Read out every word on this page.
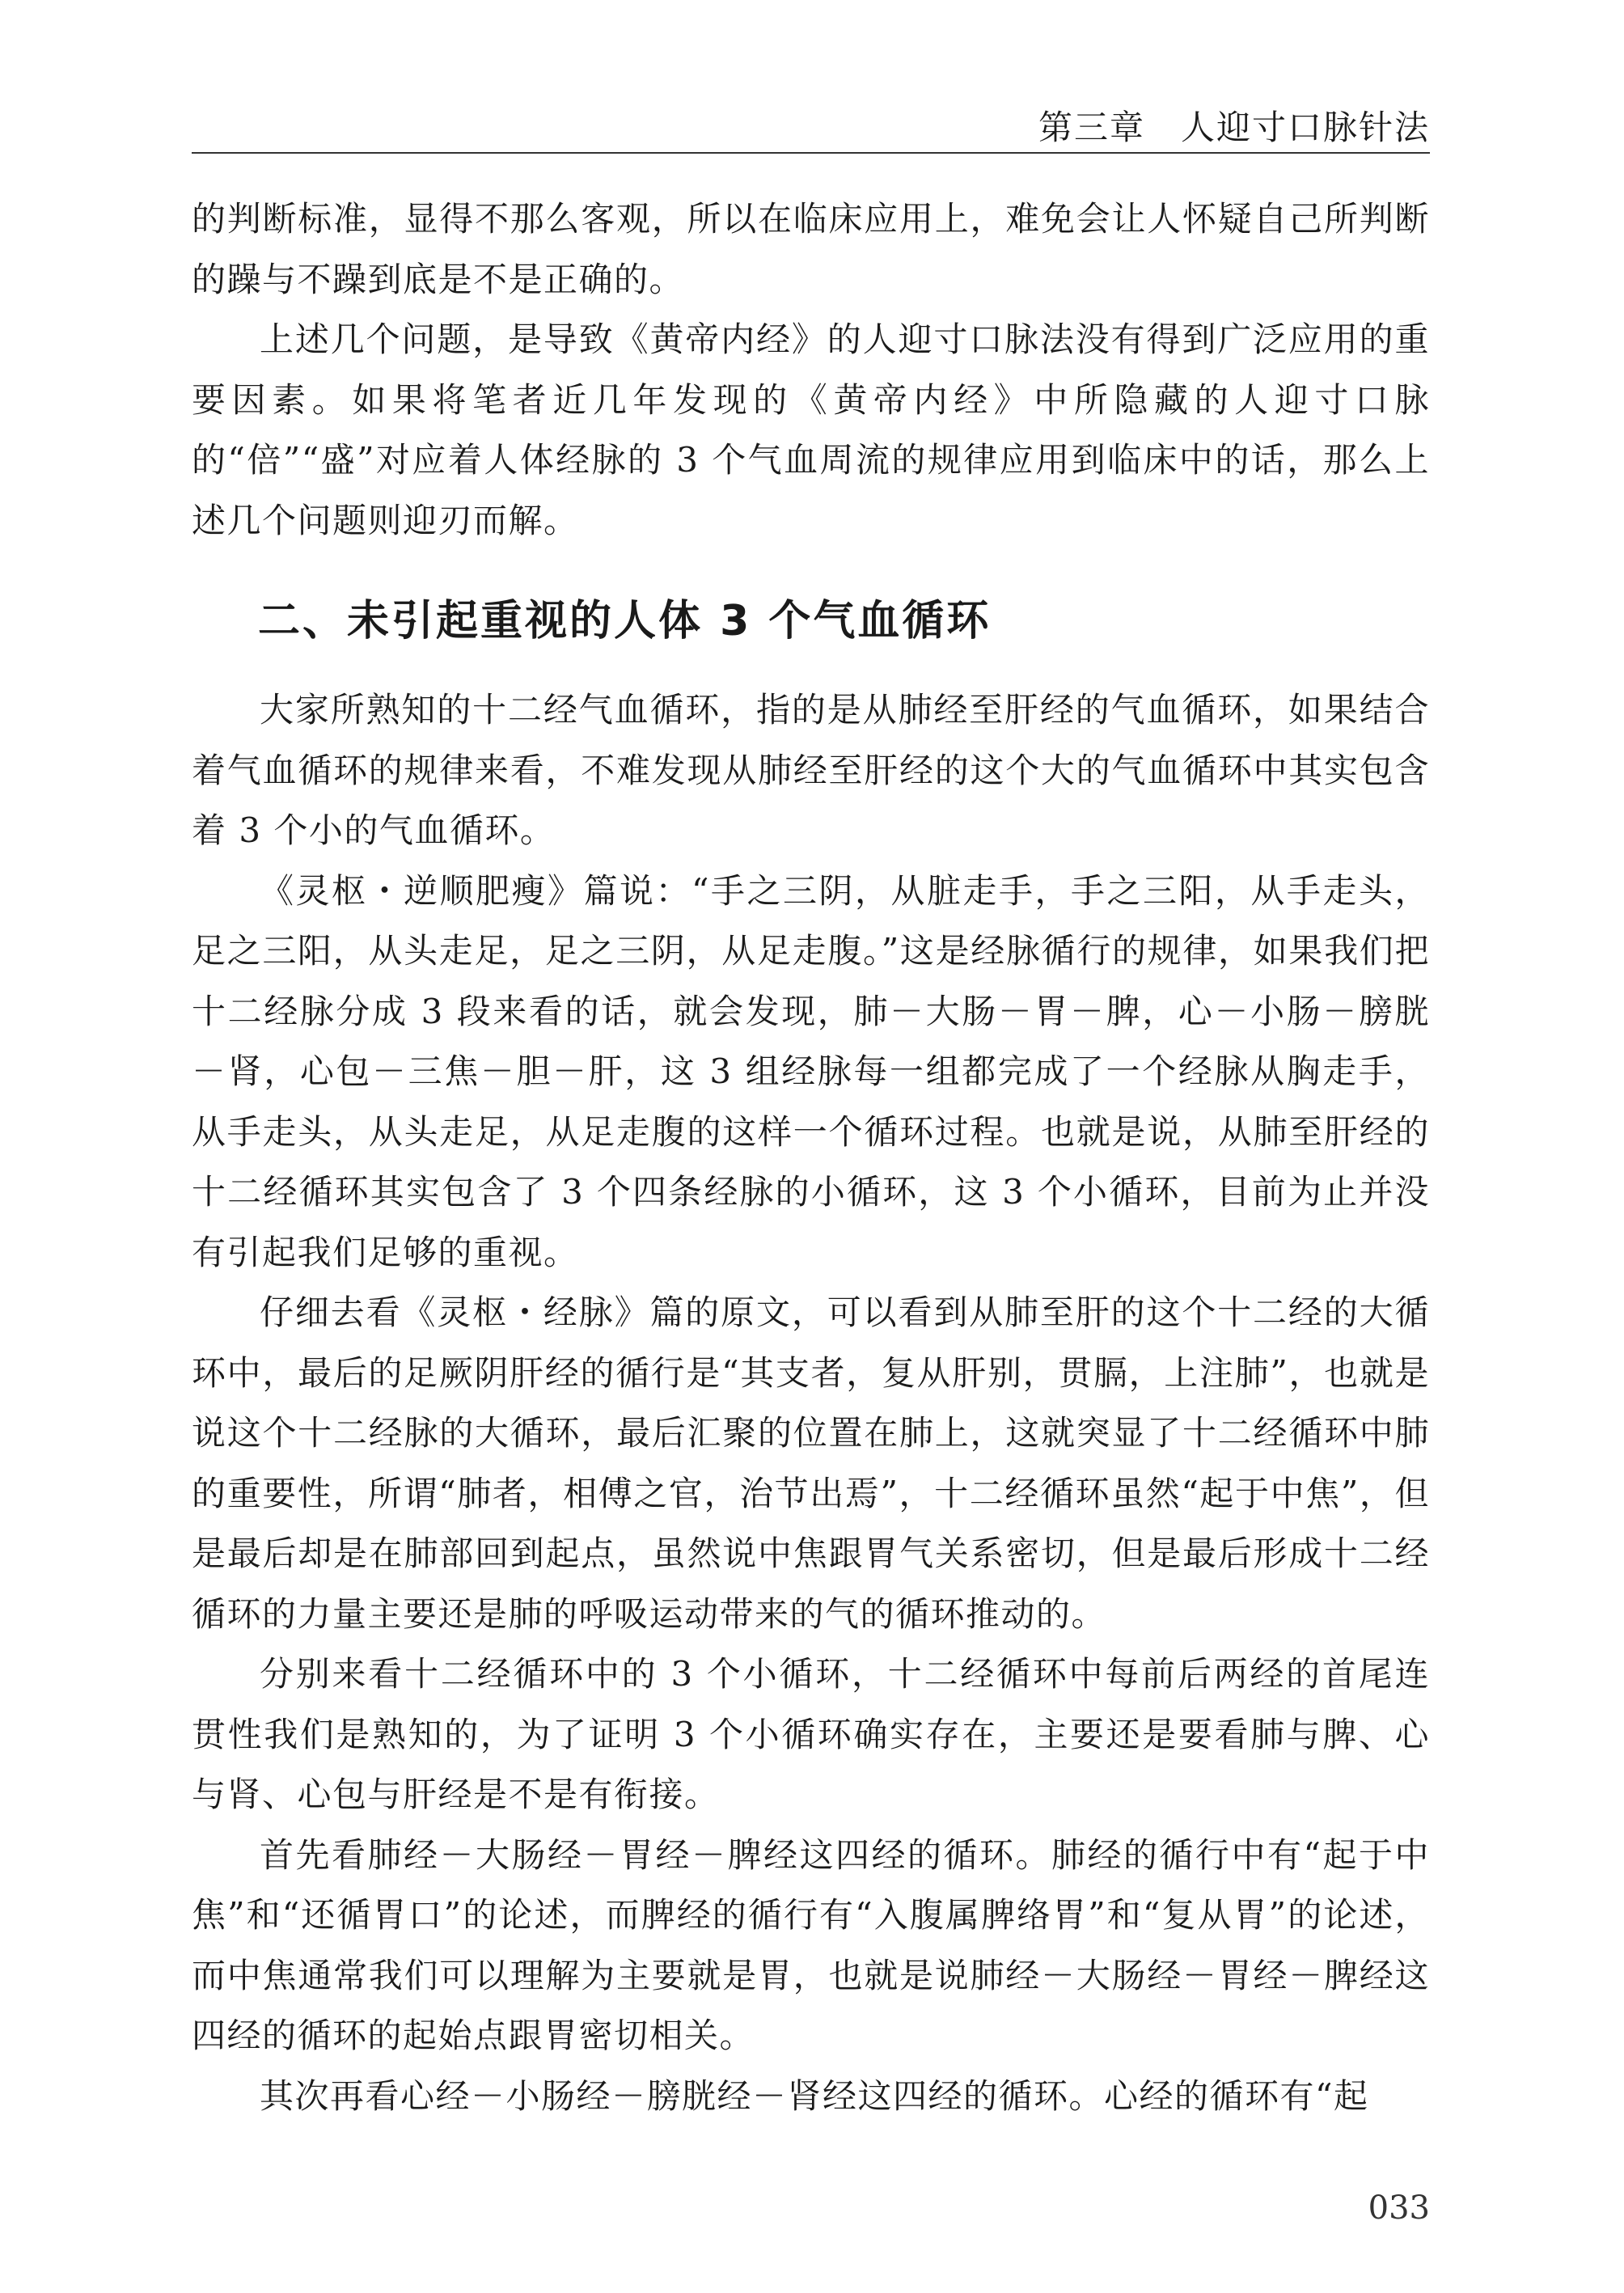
第三章　人迎寸口脉针法

的判断标准，显得不那么客观，所以在临床应用上，难免会让人怀疑自己所判断的躁与不躁到底是不是正确的。

上述几个问题，是导致《黄帝内经》的人迎寸口脉法没有得到广泛应用的重要因素。如果将笔者近几年发现的《黄帝内经》中所隐藏的人迎寸口脉的“倍”“盛”对应着人体经脉的 3 个气血周流的规律应用到临床中的话，那么上述几个问题则迎刃而解。

二、未引起重视的人体 3 个气血循环

大家所熟知的十二经气血循环，指的是从肺经至肝经的气血循环，如果结合着气血循环的规律来看，不难发现从肺经至肝经的这个大的气血循环中其实包含着 3 个小的气血循环。

《灵枢・逆顺肥瘦》篇说：“手之三阴，从脏走手，手之三阳，从手走头，足之三阳，从头走足，足之三阴，从足走腹。”这是经脉循行的规律，如果我们把十二经脉分成 3 段来看的话，就会发现，肺－大肠－胃－脾，心－小肠－膀胱－肾，心包－三焦－胆－肝，这 3 组经脉每一组都完成了一个经脉从胸走手，从手走头，从头走足，从足走腹的这样一个循环过程。也就是说，从肺至肝经的十二经循环其实包含了 3 个四条经脉的小循环，这 3 个小循环，目前为止并没有引起我们足够的重视。

仔细去看《灵枢・经脉》篇的原文，可以看到从肺至肝的这个十二经的大循环中，最后的足厥阴肝经的循行是“其支者，复从肝别，贯膈，上注肺”，也就是说这个十二经脉的大循环，最后汇聚的位置在肺上，这就突显了十二经循环中肺的重要性，所谓“肺者，相傅之官，治节出焉”，十二经循环虽然“起于中焦”，但是最后却是在肺部回到起点，虽然说中焦跟胃气关系密切，但是最后形成十二经循环的力量主要还是肺的呼吸运动带来的气的循环推动的。

分别来看十二经循环中的 3 个小循环，十二经循环中每前后两经的首尾连贯性我们是熟知的，为了证明 3 个小循环确实存在，主要还是要看肺与脾、心与肾、心包与肝经是不是有衔接。

首先看肺经－大肠经－胃经－脾经这四经的循环。肺经的循行中有“起于中焦”和“还循胃口”的论述，而脾经的循行有“入腹属脾络胃”和“复从胃”的论述，而中焦通常我们可以理解为主要就是胃，也就是说肺经－大肠经－胃经－脾经这四经的循环的起始点跟胃密切相关。

其次再看心经－小肠经－膀胱经－肾经这四经的循环。心经的循环有“起

033
